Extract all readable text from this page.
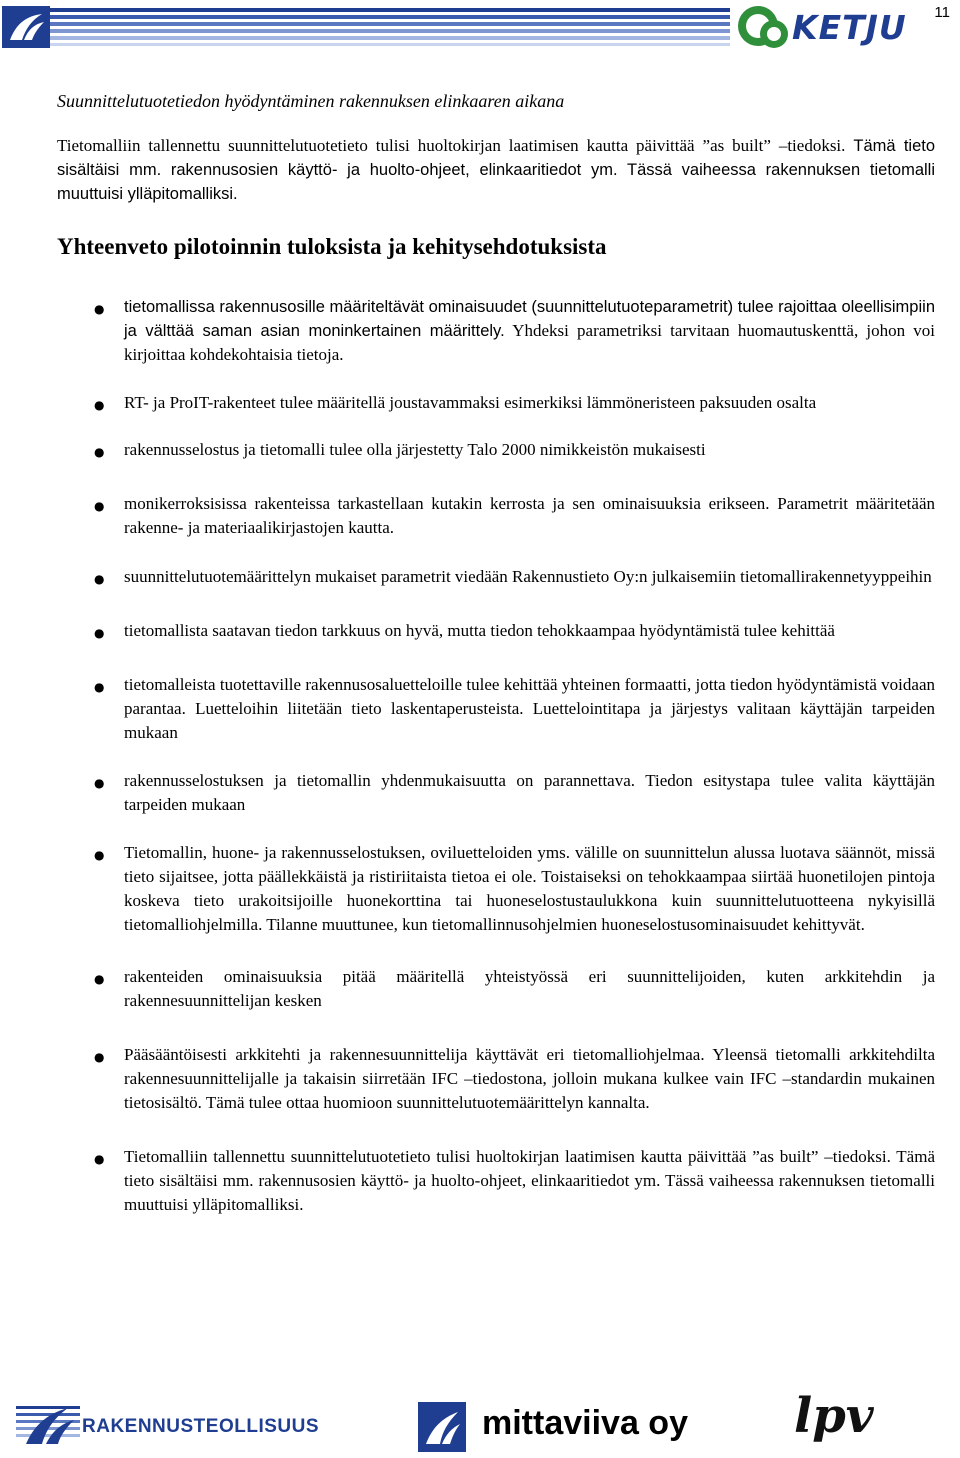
KETJU 11

Suunnittelutuotetiedon hyödyntäminen rakennuksen elinkaaren aikana

Tietomalliin tallennettu suunnittelutuotetieto tulisi huoltokirjan laatimisen kautta päivittää ”as built” –tiedoksi. Tämä tieto sisältäisi mm. rakennusosien käyttö- ja huolto-ohjeet, elinkaaritiedot ym. Tässä vaiheessa rakennuksen tietomalli muuttuisi ylläpitomalliksi.

Yhteenveto pilotoinnin tuloksista ja kehitysehdotuksista
● tietomallissa rakennusosille määriteltävät ominaisuudet (suunnittelutuoteparametrit) tulee rajoittaa oleellisimpiin ja välttää saman asian moninkertainen määrittely. Yhdeksi parametriksi tarvitaan huomautuskenttä, johon voi kirjoittaa kohdekohtaisia tietoja.
● RT- ja ProIT-rakenteet tulee määritellä joustavammaksi esimerkiksi lämmöneristeen paksuuden osalta
● rakennusselostus ja tietomalli tulee olla järjestetty Talo 2000 nimikkeistön mukaisesti
● monikerroksisissa rakenteissa tarkastellaan kutakin kerrosta ja sen ominaisuuksia erikseen. Parametrit määritetään rakenne- ja materiaalikirjastojen kautta.
● suunnittelutuotemäärittelyn mukaiset parametrit viedään Rakennustieto Oy:n julkaisemiin tietomallirakennetyyppeihin
● tietomallista saatavan tiedon tarkkuus on hyvä, mutta tiedon tehokkaampaa hyödyntämistä tulee kehittää
● tietomalleista tuotettaville rakennusosaluetteloille tulee kehittää yhteinen formaatti, jotta tiedon hyödyntämistä voidaan parantaa. Luetteloihin liitetään tieto laskentaperusteista. Luettelointitapa ja järjestys valitaan käyttäjän tarpeiden mukaan
● rakennusselostuksen ja tietomallin yhdenmukaisuutta on parannettava. Tiedon esitystapa tulee valita käyttäjän tarpeiden mukaan
● Tietomallin, huone- ja rakennusselostuksen, oviluetteloiden yms. välille on suunnittelun alussa luotava säännöt, missä tieto sijaitsee, jotta päällekkäistä ja ristiriitaista tietoa ei ole. Toistaiseksi on tehokkaampaa siirtää huonetilojen pintoja koskeva tieto urakoitsijoille huonekorttina tai huoneselostustaulukkona kuin suunnittelutuotteena nykyisillä tietomalliohjelmilla. Tilanne muuttunee, kun tietomallinnusohjelmien huoneselostusominaisuudet kehittyvät.
● rakenteiden ominaisuuksia pitää määritellä yhteistyössä eri suunnittelijoiden, kuten arkkitehdin ja rakennesuunnittelijan kesken
● Pääsääntöisesti arkkitehti ja rakennesuunnittelija käyttävät eri tietomalliohjelmaa. Yleensä tietomalli arkkitehdilta rakennesuunnittelijalle ja takaisin siirretään IFC –tiedostona, jolloin mukana kulkee vain IFC –standardin mukainen tietosisältö. Tämä tulee ottaa huomioon suunnittelutuotemäärittelyn kannalta.
● Tietomalliin tallennettu suunnittelutuotetieto tulisi huoltokirjan laatimisen kautta päivittää ”as built” –tiedoksi. Tämä tieto sisältäisi mm. rakennusosien käyttö- ja huolto-ohjeet, elinkaaritiedot ym. Tässä vaiheessa rakennuksen tietomalli muuttuisi ylläpitomalliksi.
RAKENNUSTEOLLISUUS	mittaviiva oy lpv
